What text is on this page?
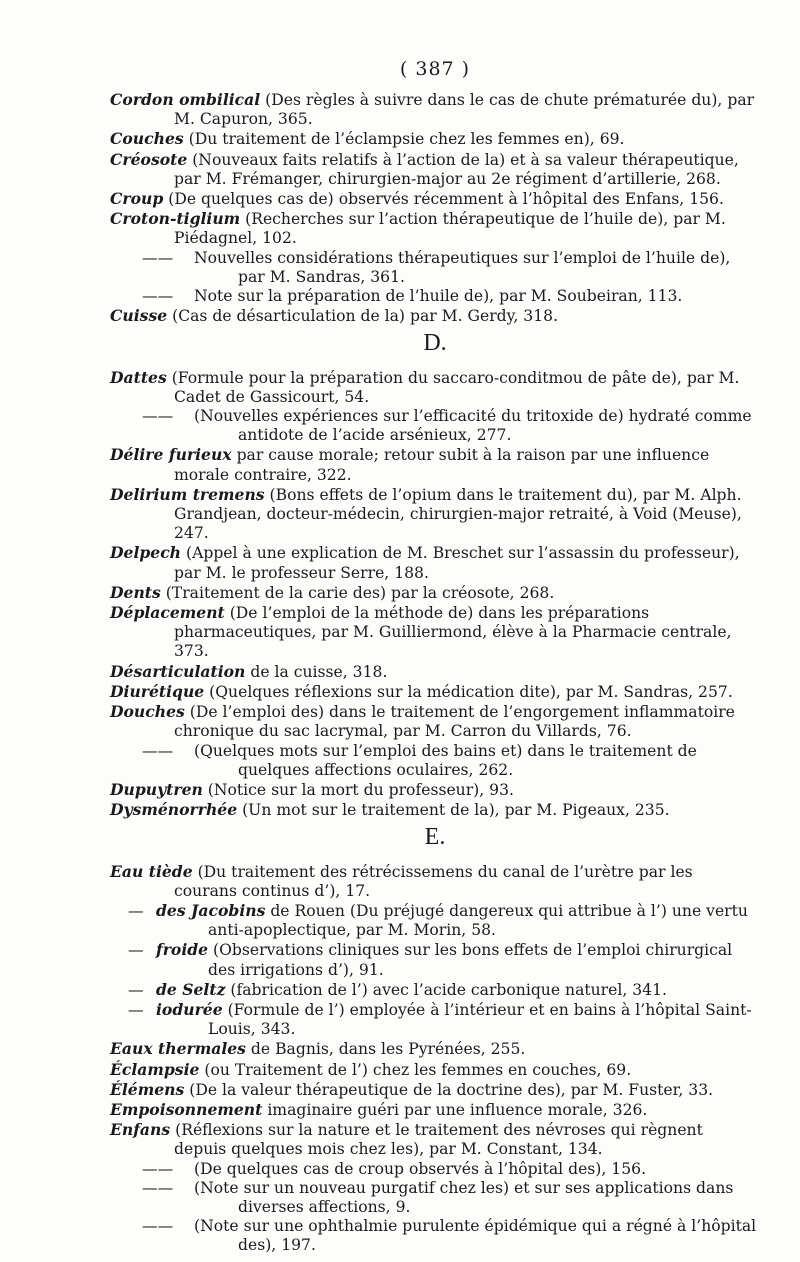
( 387 )

Cordon ombilical (Des règles à suivre dans le cas de chute prématurée du), par M. Capuron, 365.

Couches (Du traitement de l’éclampsie chez les femmes en), 69.

Créosote (Nouveaux faits relatifs à l’action de la) et à sa valeur thérapeutique, par M. Frémanger, chirurgien-major au 2e régiment d’artillerie, 268.

Croup (De quelques cas de) observés récemment à l’hôpital des Enfans, 156.

Croton-tiglium (Recherches sur l’action thérapeutique de l’huile de), par M. Piédagnel, 102.

—— Nouvelles considérations thérapeutiques sur l’emploi de l’huile de), par M. Sandras, 361.

—— Note sur la préparation de l’huile de), par M. Soubeiran, 113.

Cuisse (Cas de désarticulation de la) par M. Gerdy, 318.

D.

Dattes (Formule pour la préparation du saccaro-conditmou de pâte de), par M. Cadet de Gassicourt, 54.

—— (Nouvelles expériences sur l’efficacité du tritoxide de) hydraté comme antidote de l’acide arsénieux, 277.

Délire furieux par cause morale; retour subit à la raison par une influence morale contraire, 322.

Delirium tremens (Bons effets de l’opium dans le traitement du), par M. Alph. Grandjean, docteur-médecin, chirurgien-major retraité, à Void (Meuse), 247.

Delpech (Appel à une explication de M. Breschet sur l’assassin du professeur), par M. le professeur Serre, 188.

Dents (Traitement de la carie des) par la créosote, 268.

Déplacement (De l’emploi de la méthode de) dans les préparations pharmaceutiques, par M. Guilliermond, élève à la Pharmacie centrale, 373.

Désarticulation de la cuisse, 318.

Diurétique (Quelques réflexions sur la médication dite), par M. Sandras, 257.

Douches (De l’emploi des) dans le traitement de l’engorgement inflammatoire chronique du sac lacrymal, par M. Carron du Villards, 76.

—— (Quelques mots sur l’emploi des bains et) dans le traitement de quelques affections oculaires, 262.

Dupuytren (Notice sur la mort du professeur), 93.

Dysménorrhée (Un mot sur le traitement de la), par M. Pigeaux, 235.

E.

Eau tiède (Du traitement des rétrécissemens du canal de l’urètre par les courans continus d’), 17.

— des Jacobins de Rouen (Du préjugé dangereux qui attribue à l’) une vertu anti-apoplectique, par M. Morin, 58.

— froide (Observations cliniques sur les bons effets de l’emploi chirurgical des irrigations d’), 91.

— de Seltz (fabrication de l’) avec l’acide carbonique naturel, 341.

— iodurée (Formule de l’) employée à l’intérieur et en bains à l’hôpital Saint-Louis, 343.

Eaux thermales de Bagnis, dans les Pyrénées, 255.

Éclampsie (ou Traitement de l’) chez les femmes en couches, 69.

Élémens (De la valeur thérapeutique de la doctrine des), par M. Fuster, 33.

Empoisonnement imaginaire guéri par une influence morale, 326.

Enfans (Réflexions sur la nature et le traitement des névroses qui règnent depuis quelques mois chez les), par M. Constant, 134.

—— (De quelques cas de croup observés à l’hôpital des), 156.

—— (Note sur un nouveau purgatif chez les) et sur ses applications dans diverses affections, 9.

—— (Note sur une ophthalmie purulente épidémique qui a régné à l’hôpital des), 197.
